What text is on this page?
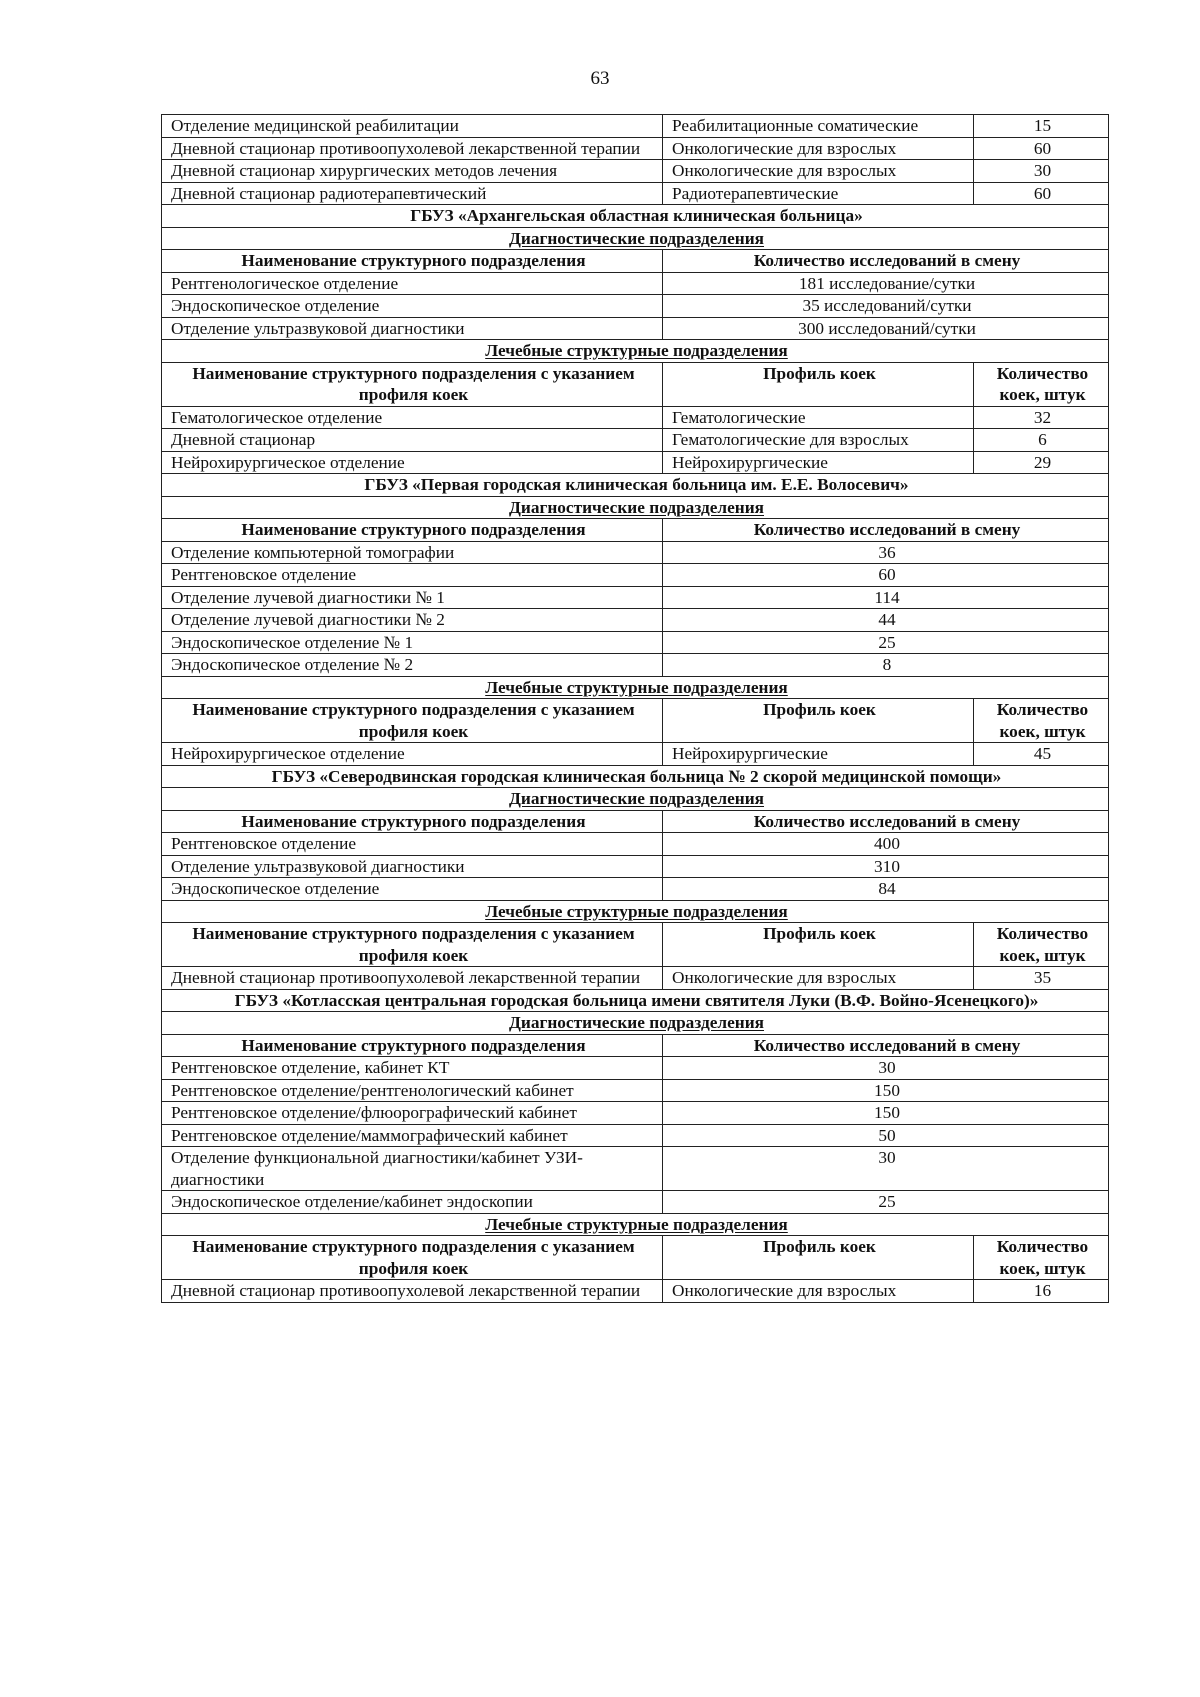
63
Отделение медицинской реабилитации	Реабилитационные соматические	15
Дневной стационар противоопухолевой лекарственной терапии	Онкологические для взрослых	60
Дневной стационар хирургических методов лечения	Онкологические для взрослых	30
Дневной стационар радиотерапевтический	Радиотерапевтические	60
ГБУЗ «Архангельская областная клиническая больница»		
Диагностические подразделения		
Наименование структурного подразделения	Количество исследований в смену	
Рентгенологическое отделение	181 исследование/сутки	
Эндоскопическое отделение	35 исследований/сутки	
Отделение ультразвуковой диагностики	300 исследований/сутки	
Лечебные структурные подразделения		
Наименование структурного подразделения с указанием профиля коек	Профиль коек	Количество коек, штук
Гематологическое отделение	Гематологические	32
Дневной стационар	Гематологические для взрослых	6
Нейрохирургическое отделение	Нейрохирургические	29
ГБУЗ «Первая городская клиническая больница им. Е.Е. Волосевич»		
Диагностические подразделения		
Наименование структурного подразделения	Количество исследований в смену	
Отделение компьютерной томографии	36	
Рентгеновское отделение	60	
Отделение лучевой диагностики № 1	114	
Отделение лучевой диагностики № 2	44	
Эндоскопическое отделение № 1	25	
Эндоскопическое отделение № 2	8	
Лечебные структурные подразделения		
Наименование структурного подразделения с указанием профиля коек	Профиль коек	Количество коек, штук
Нейрохирургическое отделение	Нейрохирургические	45
ГБУЗ «Северодвинская городская клиническая больница № 2 скорой медицинской помощи»		
Диагностические подразделения		
Наименование структурного подразделения	Количество исследований в смену	
Рентгеновское отделение	400	
Отделение ультразвуковой диагностики	310	
Эндоскопическое отделение	84	
Лечебные структурные подразделения		
Наименование структурного подразделения с указанием профиля коек	Профиль коек	Количество коек, штук
Дневной стационар противоопухолевой лекарственной терапии	Онкологические для взрослых	35
ГБУЗ «Котласская центральная городская больница имени святителя Луки (В.Ф. Войно-Ясенецкого)»		
Диагностические подразделения		
Наименование структурного подразделения	Количество исследований в смену	
Рентгеновское отделение, кабинет КТ	30	
Рентгеновское отделение/рентгенологический кабинет	150	
Рентгеновское отделение/флюорографический кабинет	150	
Рентгеновское отделение/маммографический кабинет	50	
Отделение функциональной диагностики/кабинет УЗИ-диагностики	30	
Эндоскопическое отделение/кабинет эндоскопии	25	
Лечебные структурные подразделения		
Наименование структурного подразделения с указанием профиля коек	Профиль коек	Количество коек, штук
Дневной стационар противоопухолевой лекарственной терапии	Онкологические для взрослых	16
